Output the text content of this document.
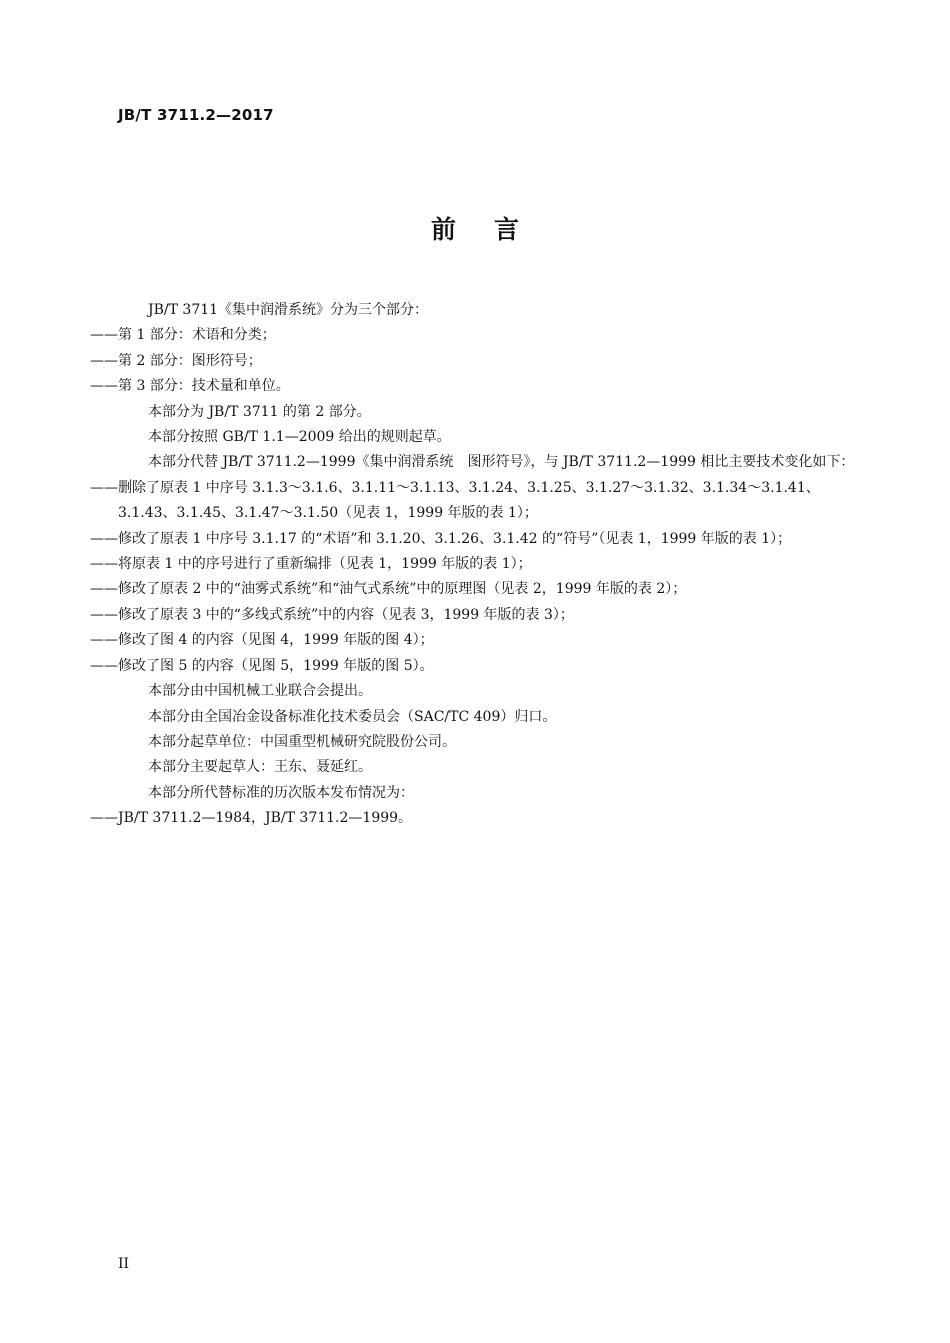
JB/T 3711.2—2017
前言

JB/T 3711《集中润滑系统》分为三个部分：

——第 1 部分：术语和分类；

——第 2 部分：图形符号；

——第 3 部分：技术量和单位。

本部分为 JB/T 3711 的第 2 部分。

本部分按照 GB/T 1.1—2009 给出的规则起草。

本部分代替 JB/T 3711.2—1999《集中润滑系统　图形符号》，与 JB/T 3711.2—1999 相比主要技术变化如下：

——删除了原表 1 中序号 3.1.3～3.1.6、3.1.11～3.1.13、3.1.24、3.1.25、3.1.27～3.1.32、3.1.34～3.1.41、3.1.43、3.1.45、3.1.47～3.1.50（见表 1，1999 年版的表 1）；

——修改了原表 1 中序号 3.1.17 的“术语”和 3.1.20、3.1.26、3.1.42 的“符号”（见表 1，1999 年版的表 1）；

——将原表 1 中的序号进行了重新编排（见表 1，1999 年版的表 1）；

——修改了原表 2 中的“油雾式系统”和“油气式系统”中的原理图（见表 2，1999 年版的表 2）；

——修改了原表 3 中的“多线式系统”中的内容（见表 3，1999 年版的表 3）；

——修改了图 4 的内容（见图 4，1999 年版的图 4）；

——修改了图 5 的内容（见图 5，1999 年版的图 5）。

本部分由中国机械工业联合会提出。

本部分由全国冶金设备标准化技术委员会（SAC/TC 409）归口。

本部分起草单位：中国重型机械研究院股份公司。

本部分主要起草人：王东、聂延红。

本部分所代替标准的历次版本发布情况为：

——JB/T 3711.2—1984，JB/T 3711.2—1999。

II
